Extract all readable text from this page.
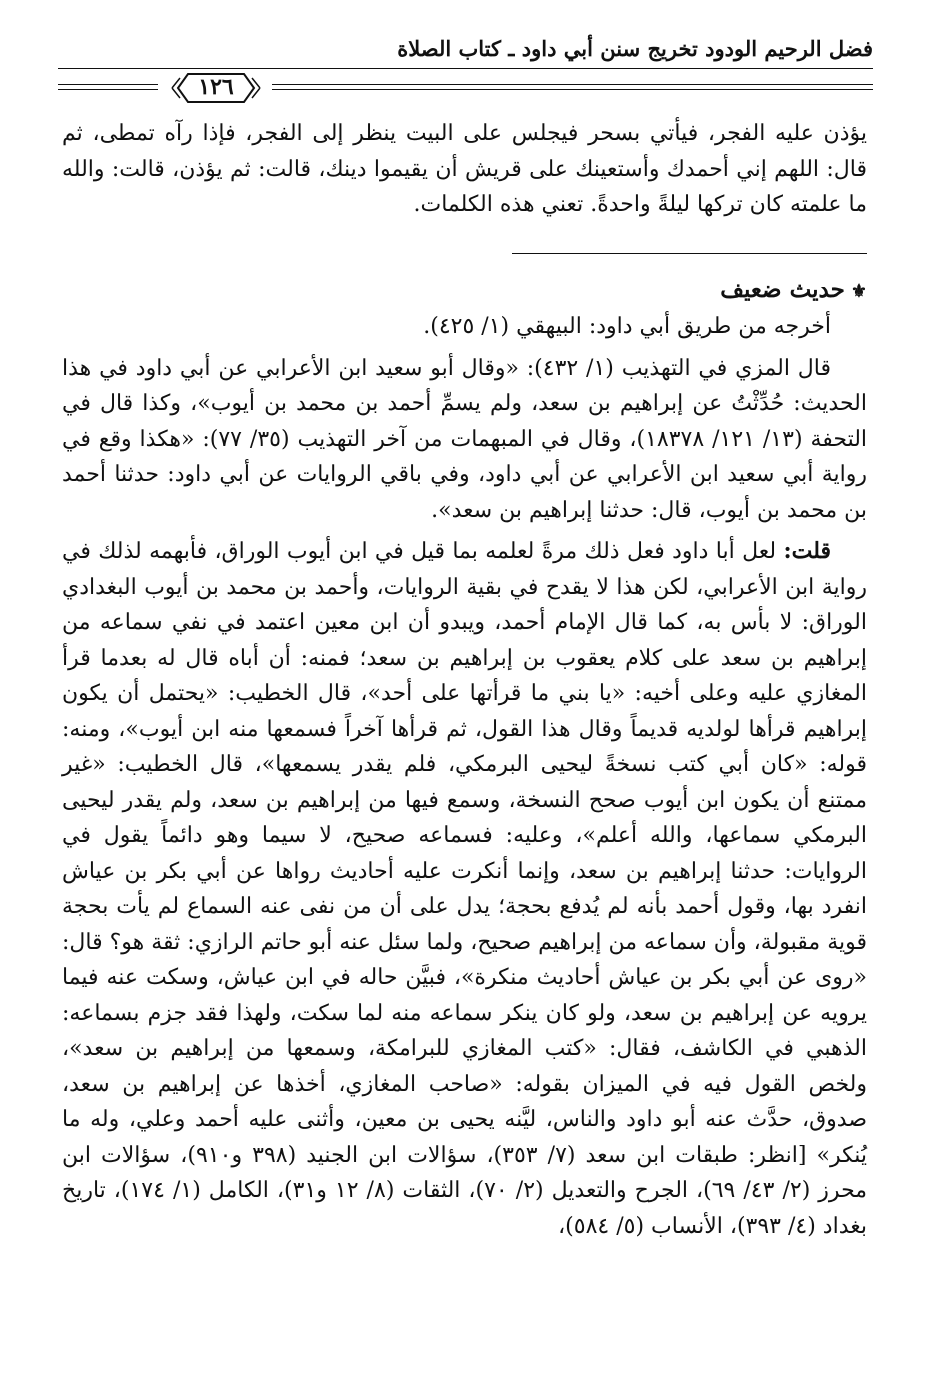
فضل الرحيم الودود تخريج سنن أبي داود ـ كتاب الصلاة
١٢٦

يؤذن عليه الفجر، فيأتي بسحر فيجلس على البيت ينظر إلى الفجر، فإذا رآه تمطى، ثم قال: اللهم إني أحمدك وأستعينك على قريش أن يقيموا دينك، قالت: ثم يؤذن، قالت: والله ما علمته كان تركها ليلةً واحدةً. تعني هذه الكلمات.

⚜حديث ضعيف

أخرجه من طريق أبي داود: البيهقي (١/ ٤٢٥).

قال المزي في التهذيب (١/ ٤٣٢): «وقال أبو سعيد ابن الأعرابي عن أبي داود في هذا الحديث: حُدِّثْتُ عن إبراهيم بن سعد، ولم يسمِّ أحمد بن محمد بن أيوب»، وكذا قال في التحفة (١٣/ ١٢١/ ١٨٣٧٨)، وقال في المبهمات من آخر التهذيب (٣٥/ ٧٧): «هكذا وقع في رواية أبي سعيد ابن الأعرابي عن أبي داود، وفي باقي الروايات عن أبي داود: حدثنا أحمد بن محمد بن أيوب، قال: حدثنا إبراهيم بن سعد».

قلت: لعل أبا داود فعل ذلك مرةً لعلمه بما قيل في ابن أيوب الوراق، فأبهمه لذلك في رواية ابن الأعرابي، لكن هذا لا يقدح في بقية الروايات، وأحمد بن محمد بن أيوب البغدادي الوراق: لا بأس به، كما قال الإمام أحمد، ويبدو أن ابن معين اعتمد في نفي سماعه من إبراهيم بن سعد على كلام يعقوب بن إبراهيم بن سعد؛ فمنه: أن أباه قال له بعدما قرأ المغازي عليه وعلى أخيه: «يا بني ما قرأتها على أحد»، قال الخطيب: «يحتمل أن يكون إبراهيم قرأها لولديه قديماً وقال هذا القول، ثم قرأها آخراً فسمعها منه ابن أيوب»، ومنه: قوله: «كان أبي كتب نسخةً ليحيى البرمكي، فلم يقدر يسمعها»، قال الخطيب: «غير ممتنع أن يكون ابن أيوب صحح النسخة، وسمع فيها من إبراهيم بن سعد، ولم يقدر ليحيى البرمكي سماعها، والله أعلم»، وعليه: فسماعه صحيح، لا سيما وهو دائماً يقول في الروايات: حدثنا إبراهيم بن سعد، وإنما أنكرت عليه أحاديث رواها عن أبي بكر بن عياش انفرد بها، وقول أحمد بأنه لم يُدفع بحجة؛ يدل على أن من نفى عنه السماع لم يأت بحجة قوية مقبولة، وأن سماعه من إبراهيم صحيح، ولما سئل عنه أبو حاتم الرازي: ثقة هو؟ قال: «روى عن أبي بكر بن عياش أحاديث منكرة»، فبيَّن حاله في ابن عياش، وسكت عنه فيما يرويه عن إبراهيم بن سعد، ولو كان ينكر سماعه منه لما سكت، ولهذا فقد جزم بسماعه: الذهبي في الكاشف، فقال: «كتب المغازي للبرامكة، وسمعها من إبراهيم بن سعد»، ولخص القول فيه في الميزان بقوله: «صاحب المغازي، أخذها عن إبراهيم بن سعد، صدوق، حدَّث عنه أبو داود والناس، ليَّنه يحيى بن معين، وأثنى عليه أحمد وعلي، وله ما يُنكر» [انظر: طبقات ابن سعد (٧/ ٣٥٣)، سؤالات ابن الجنيد (٣٩٨ و٩١٠)، سؤالات ابن محرز (٢/ ٤٣/ ٦٩)، الجرح والتعديل (٢/ ٧٠)، الثقات (٨/ ١٢ و٣١)، الكامل (١/ ١٧٤)، تاريخ بغداد (٤/ ٣٩٣)، الأنساب (٥/ ٥٨٤)،
